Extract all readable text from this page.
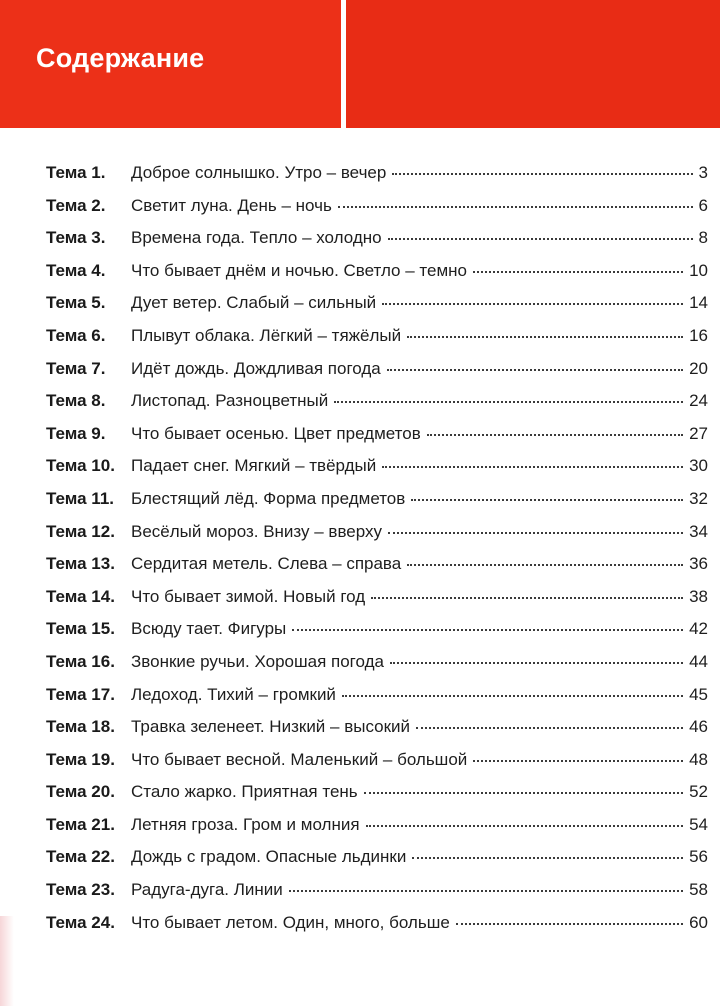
Содержание
Тема 1. Доброе солнышко. Утро – вечер	3
Тема 2. Светит луна. День – ночь	6
Тема 3. Времена года. Тепло – холодно	8
Тема 4. Что бывает днём и ночью. Светло – темно	10
Тема 5. Дует ветер. Слабый – сильный	14
Тема 6. Плывут облака. Лёгкий – тяжёлый	16
Тема 7. Идёт дождь. Дождливая погода	20
Тема 8. Листопад. Разноцветный	24
Тема 9. Что бывает осенью. Цвет предметов	27
Тема 10. Падает снег. Мягкий – твёрдый	30
Тема 11. Блестящий лёд. Форма предметов	32
Тема 12. Весёлый мороз. Внизу – вверху	34
Тема 13. Сердитая метель. Слева – справа	36
Тема 14. Что бывает зимой. Новый год	38
Тема 15. Всюду тает. Фигуры	42
Тема 16. Звонкие ручьи. Хорошая погода	44
Тема 17. Ледоход. Тихий – громкий	45
Тема 18. Травка зеленеет. Низкий – высокий	46
Тема 19. Что бывает весной. Маленький – большой	48
Тема 20. Стало жарко. Приятная тень	52
Тема 21. Летняя гроза. Гром и молния	54
Тема 22. Дождь с градом. Опасные льдинки	56
Тема 23. Радуга-дуга. Линии	58
Тема 24. Что бывает летом. Один, много, больше	60
